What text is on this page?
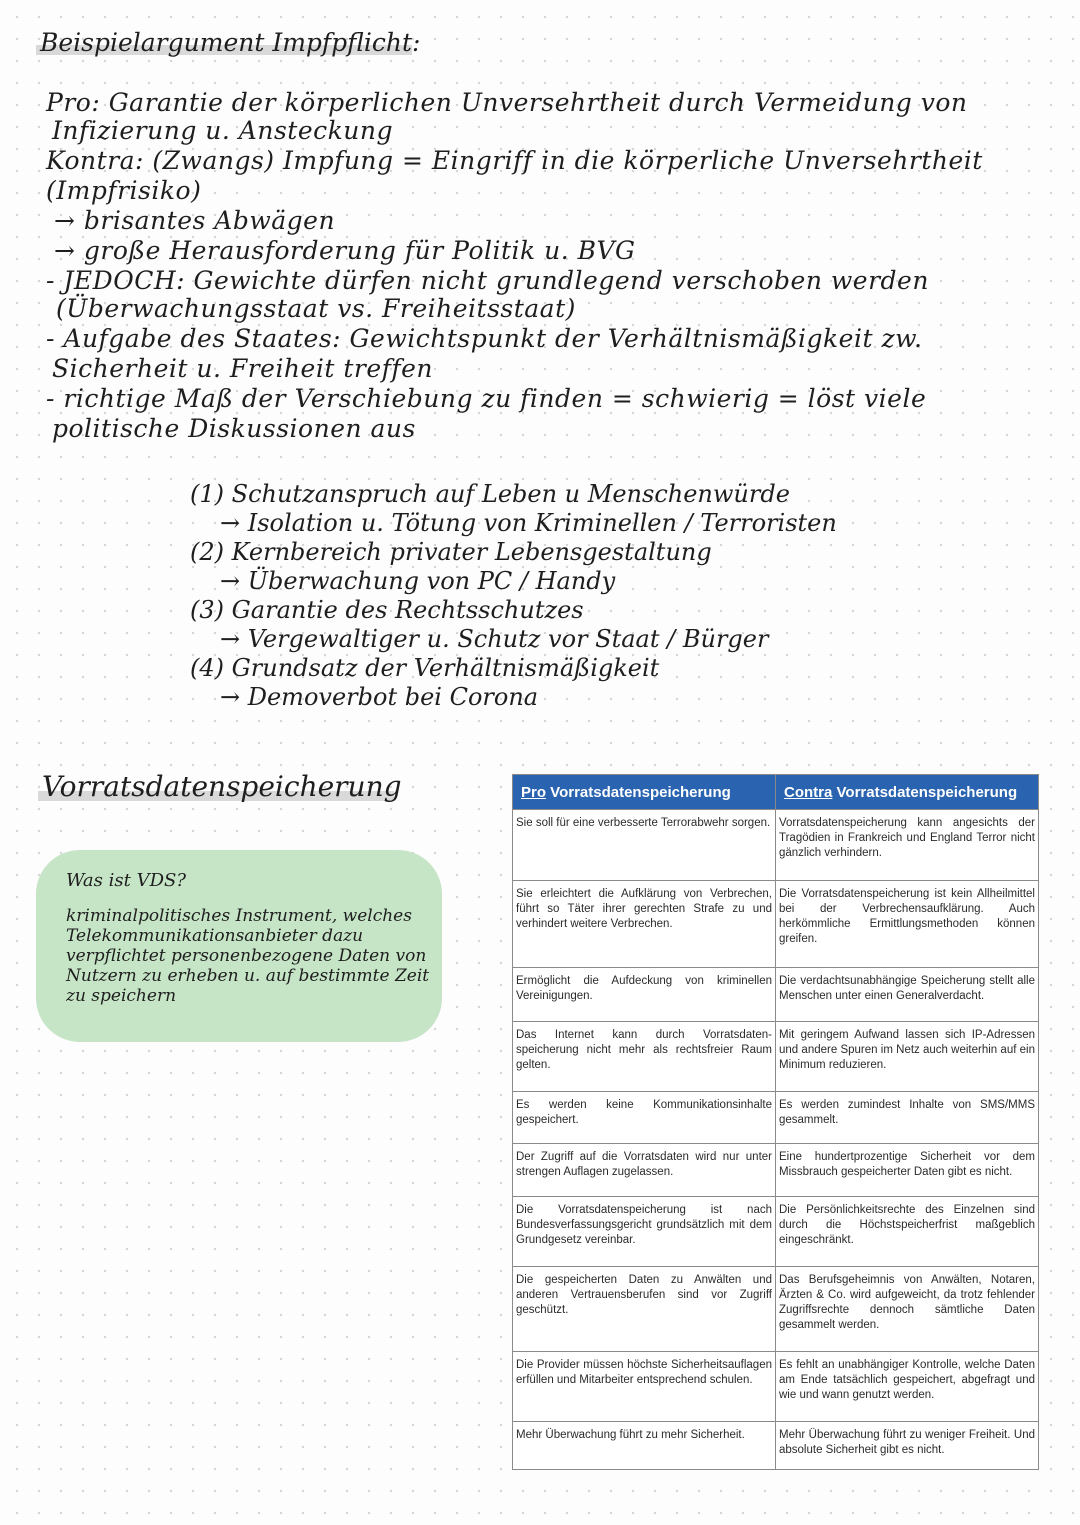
Beispielargument Impfpflicht:
Pro: Garantie der körperlichen Unversehrtheit durch Vermeidung von
Infizierung u. Ansteckung
Kontra: (Zwangs) Impfung = Eingriff in die körperliche Unversehrtheit
(Impfrisiko)
→ brisantes Abwägen
→ große Herausforderung für Politik u. BVG
- JEDOCH: Gewichte dürfen nicht grundlegend verschoben werden
(Überwachungsstaat vs. Freiheitsstaat)
- Aufgabe des Staates: Gewichtspunkt der Verhältnismäßigkeit zw.
Sicherheit u. Freiheit treffen
- richtige Maß der Verschiebung zu finden = schwierig = löst viele
politische Diskussionen aus
(1) Schutzanspruch auf Leben u Menschenwürde
→ Isolation u. Tötung von Kriminellen / Terroristen
(2) Kernbereich privater Lebensgestaltung
→ Überwachung von PC / Handy
(3) Garantie des Rechtsschutzes
→ Vergewaltiger u. Schutz vor Staat / Bürger
(4) Grundsatz der Verhältnismäßigkeit
→ Demoverbot bei Corona
Vorratsdatenspeicherung
Was ist VDS?
kriminalpolitisches Instrument, welches Telekommunikationsanbieter dazu verpflichtet personenbezogene Daten von Nutzern zu erheben u. auf bestimmte Zeit zu speichern
Pro Vorratsdatenspeicherung	Contra Vorratsdatenspeicherung
Sie soll für eine verbesserte Terrorabwehr sorgen.	Vorratsdatenspeicherung kann angesichts der Tragödien in Frankreich und England Terror nicht gänzlich verhindern.
Sie erleichtert die Aufklärung von Verbrechen, führt so Täter ihrer gerechten Strafe zu und verhindert weitere Verbrechen.	Die Vorratsdatenspeicherung ist kein Allheilmittel bei der Verbrechensaufklärung. Auch herkömmliche Ermittlungsmethoden können greifen.
Ermöglicht die Aufdeckung von kriminellen Vereinigungen.	Die verdachtsunabhängige Speicherung stellt alle Menschen unter einen Generalverdacht.
Das Internet kann durch Vorratsdaten-speicherung nicht mehr als rechtsfreier Raum gelten.	Mit geringem Aufwand lassen sich IP-Adressen und andere Spuren im Netz auch weiterhin auf ein Minimum reduzieren.
Es werden keine Kommunikationsinhalte gespeichert.	Es werden zumindest Inhalte von SMS/MMS gesammelt.
Der Zugriff auf die Vorratsdaten wird nur unter strengen Auflagen zugelassen.	Eine hundertprozentige Sicherheit vor dem Missbrauch gespeicherter Daten gibt es nicht.
Die Vorratsdatenspeicherung ist nach Bundesverfassungsgericht grundsätzlich mit dem Grundgesetz vereinbar.	Die Persönlichkeitsrechte des Einzelnen sind durch die Höchstspeicherfrist maßgeblich eingeschränkt.
Die gespeicherten Daten zu Anwälten und anderen Vertrauensberufen sind vor Zugriff geschützt.	Das Berufsgeheimnis von Anwälten, Notaren, Ärzten & Co. wird aufgeweicht, da trotz fehlender Zugriffsrechte dennoch sämtliche Daten gesammelt werden.
Die Provider müssen höchste Sicherheitsauflagen erfüllen und Mitarbeiter entsprechend schulen.	Es fehlt an unabhängiger Kontrolle, welche Daten am Ende tatsächlich gespeichert, abgefragt und wie und wann genutzt werden.
Mehr Überwachung führt zu mehr Sicherheit.	Mehr Überwachung führt zu weniger Freiheit. Und absolute Sicherheit gibt es nicht.
